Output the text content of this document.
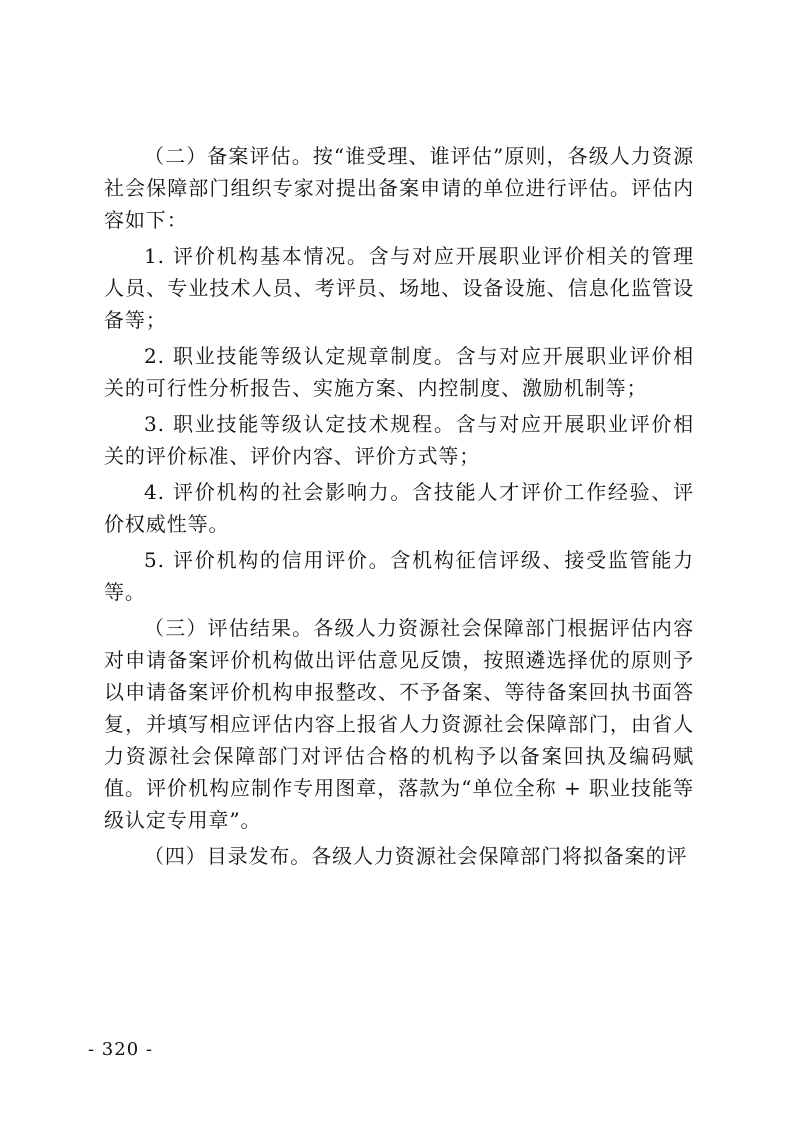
（二）备案评估。按“谁受理、谁评估”原则，各级人力资源社会保障部门组织专家对提出备案申请的单位进行评估。评估内容如下：

1. 评价机构基本情况。含与对应开展职业评价相关的管理人员、专业技术人员、考评员、场地、设备设施、信息化监管设备等；

2. 职业技能等级认定规章制度。含与对应开展职业评价相关的可行性分析报告、实施方案、内控制度、激励机制等；

3. 职业技能等级认定技术规程。含与对应开展职业评价相关的评价标准、评价内容、评价方式等；

4. 评价机构的社会影响力。含技能人才评价工作经验、评价权威性等。

5. 评价机构的信用评价。含机构征信评级、接受监管能力等。

（三）评估结果。各级人力资源社会保障部门根据评估内容对申请备案评价机构做出评估意见反馈，按照遴选择优的原则予以申请备案评价机构申报整改、不予备案、等待备案回执书面答复，并填写相应评估内容上报省人力资源社会保障部门，由省人力资源社会保障部门对评估合格的机构予以备案回执及编码赋值。评价机构应制作专用图章，落款为“单位全称 + 职业技能等级认定专用章”。

（四）目录发布。各级人力资源社会保障部门将拟备案的评

- 320 -
